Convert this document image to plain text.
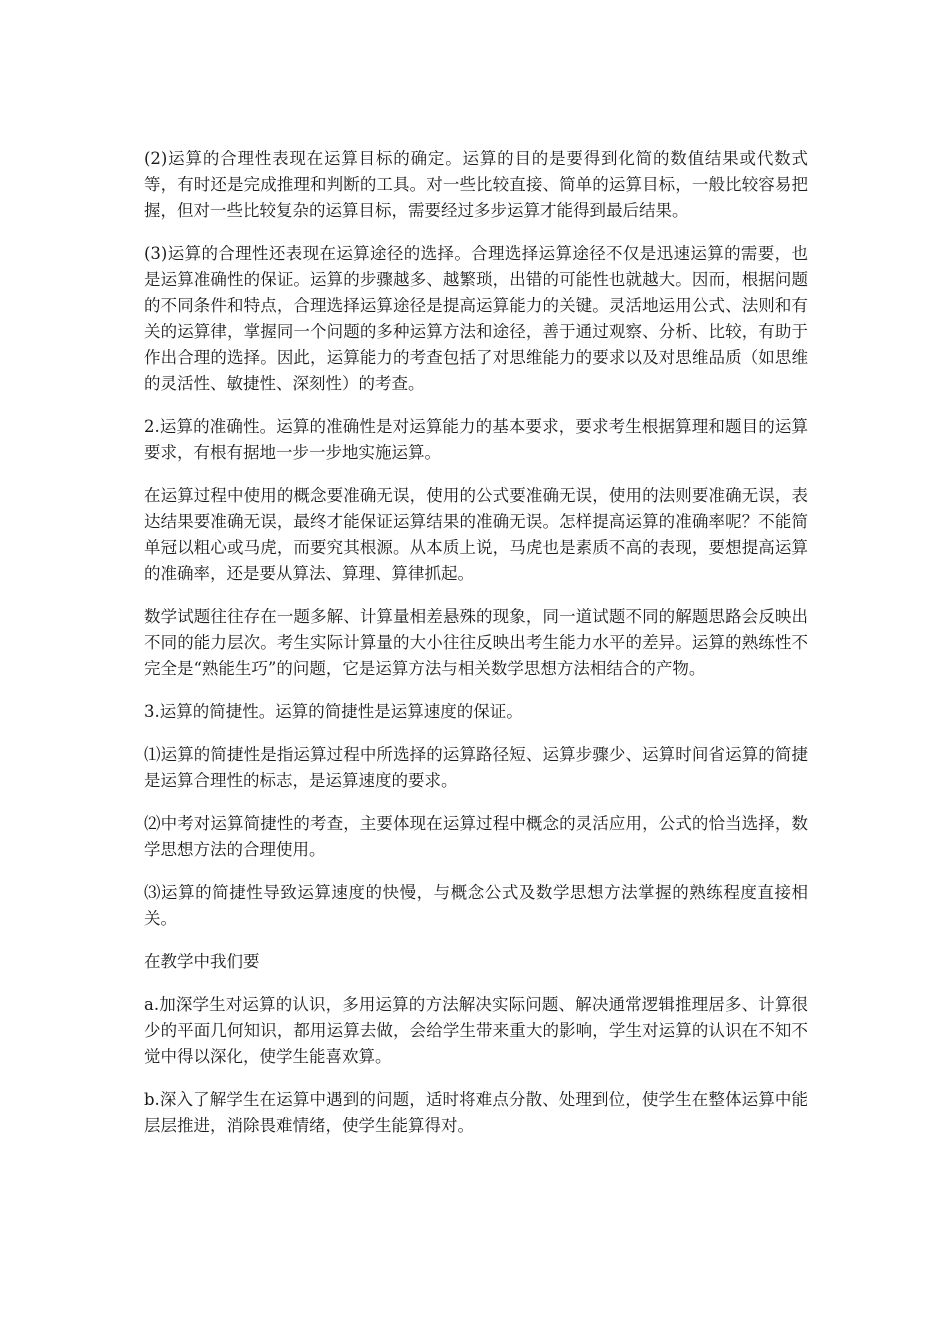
(2)运算的合理性表现在运算目标的确定。运算的目的是要得到化简的数值结果或代数式等，有时还是完成推理和判断的工具。对一些比较直接、简单的运算目标，一般比较容易把握，但对一些比较复杂的运算目标，需要经过多步运算才能得到最后结果。

(3)运算的合理性还表现在运算途径的选择。合理选择运算途径不仅是迅速运算的需要，也是运算准确性的保证。运算的步骤越多、越繁琐，出错的可能性也就越大。因而，根据问题的不同条件和特点，合理选择运算途径是提高运算能力的关键。灵活地运用公式、法则和有关的运算律，掌握同一个问题的多种运算方法和途径，善于通过观察、分析、比较，有助于作出合理的选择。因此，运算能力的考查包括了对思维能力的要求以及对思维品质（如思维的灵活性、敏捷性、深刻性）的考查。

2.运算的准确性。运算的准确性是对运算能力的基本要求，要求考生根据算理和题目的运算要求，有根有据地一步一步地实施运算。

在运算过程中使用的概念要准确无误，使用的公式要准确无误，使用的法则要准确无误，表达结果要准确无误，最终才能保证运算结果的准确无误。怎样提高运算的准确率呢？不能简单冠以粗心或马虎，而要究其根源。从本质上说，马虎也是素质不高的表现，要想提高运算的准确率，还是要从算法、算理、算律抓起。

数学试题往往存在一题多解、计算量相差悬殊的现象，同一道试题不同的解题思路会反映出不同的能力层次。考生实际计算量的大小往往反映出考生能力水平的差异。运算的熟练性不完全是“熟能生巧”的问题，它是运算方法与相关数学思想方法相结合的产物。

3.运算的简捷性。运算的简捷性是运算速度的保证。

⑴运算的简捷性是指运算过程中所选择的运算路径短、运算步骤少、运算时间省运算的简捷是运算合理性的标志，是运算速度的要求。

⑵中考对运算简捷性的考查，主要体现在运算过程中概念的灵活应用，公式的恰当选择，数学思想方法的合理使用。

⑶运算的简捷性导致运算速度的快慢，与概念公式及数学思想方法掌握的熟练程度直接相关。

在教学中我们要

a.加深学生对运算的认识，多用运算的方法解决实际问题、解决通常逻辑推理居多、计算很少的平面几何知识，都用运算去做，会给学生带来重大的影响，学生对运算的认识在不知不觉中得以深化，使学生能喜欢算。

b.深入了解学生在运算中遇到的问题，适时将难点分散、处理到位，使学生在整体运算中能层层推进，消除畏难情绪，使学生能算得对。
